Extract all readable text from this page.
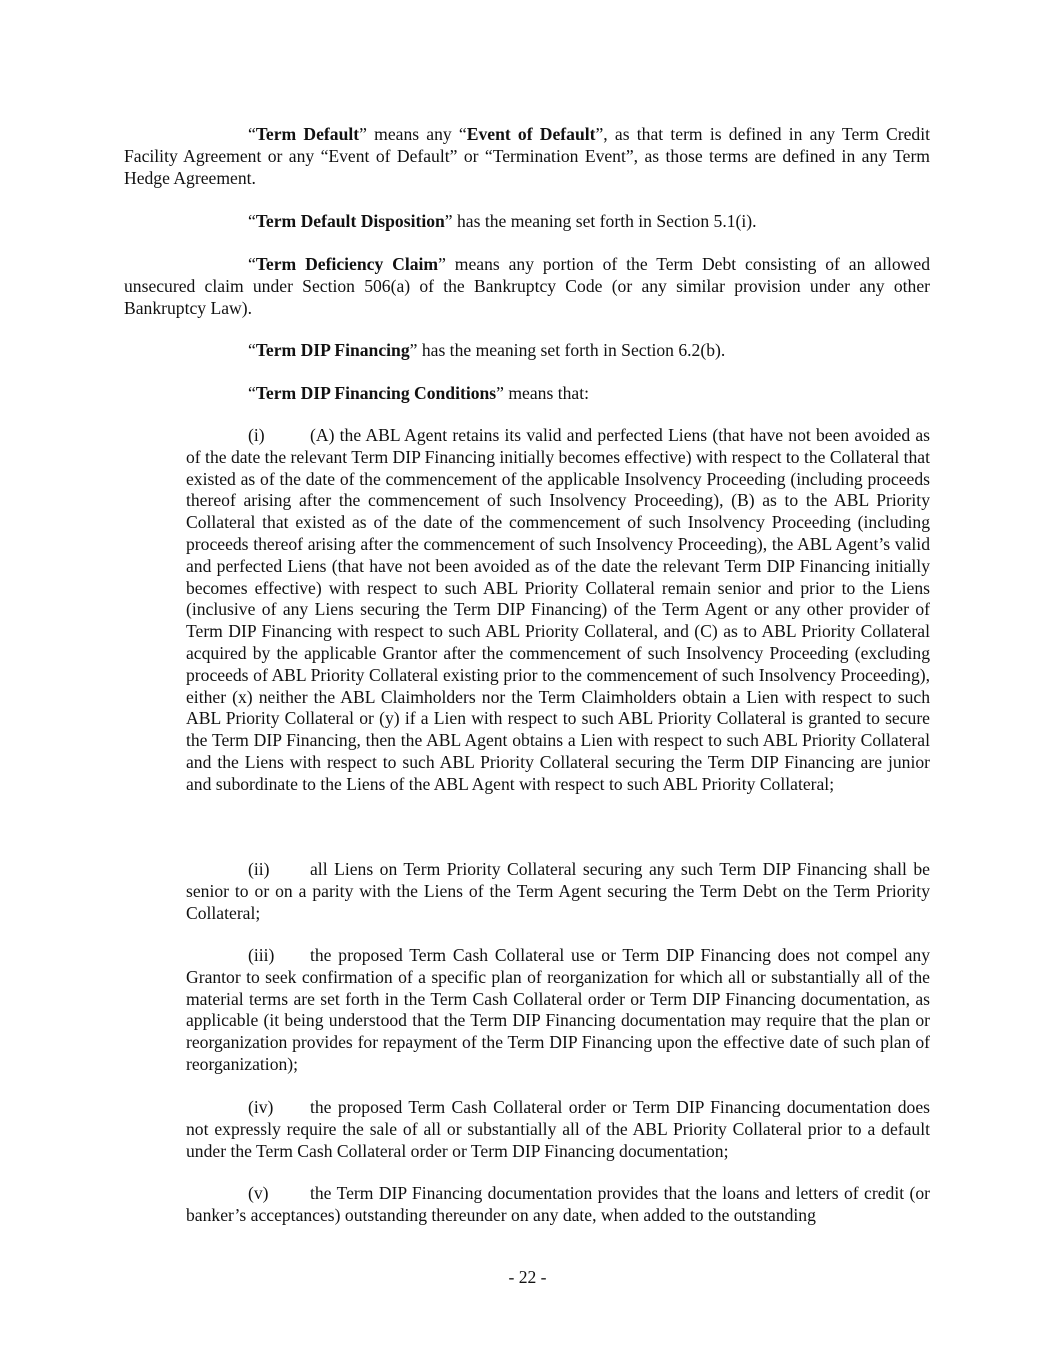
“Term Default” means any “Event of Default”, as that term is defined in any Term Credit Facility Agreement or any “Event of Default” or “Termination Event”, as those terms are defined in any Term Hedge Agreement.

“Term Default Disposition” has the meaning set forth in Section 5.1(i).

“Term Deficiency Claim” means any portion of the Term Debt consisting of an allowed unsecured claim under Section 506(a) of the Bankruptcy Code (or any similar provision under any other Bankruptcy Law).

“Term DIP Financing” has the meaning set forth in Section 6.2(b).

“Term DIP Financing Conditions” means that:

(i)	(A) the ABL Agent retains its valid and perfected Liens (that have not been avoided as of the date the relevant Term DIP Financing initially becomes effective) with respect to the Collateral that existed as of the date of the commencement of the applicable Insolvency Proceeding (including proceeds thereof arising after the commencement of such Insolvency Proceeding), (B) as to the ABL Priority Collateral that existed as of the date of the commencement of such Insolvency Proceeding (including proceeds thereof arising after the commencement of such Insolvency Proceeding), the ABL Agent’s valid and perfected Liens (that have not been avoided as of the date the relevant Term DIP Financing initially becomes effective) with respect to such ABL Priority Collateral remain senior and prior to the Liens (inclusive of any Liens securing the Term DIP Financing) of the Term Agent or any other provider of Term DIP Financing with respect to such ABL Priority Collateral, and (C) as to ABL Priority Collateral acquired by the applicable Grantor after the commencement of such Insolvency Proceeding (excluding proceeds of ABL Priority Collateral existing prior to the commencement of such Insolvency Proceeding), either (x) neither the ABL Claimholders nor the Term Claimholders obtain a Lien with respect to such ABL Priority Collateral or (y) if a Lien with respect to such ABL Priority Collateral is granted to secure the Term DIP Financing, then the ABL Agent obtains a Lien with respect to such ABL Priority Collateral and the Liens with respect to such ABL Priority Collateral securing the Term DIP Financing are junior and subordinate to the Liens of the ABL Agent with respect to such ABL Priority Collateral;

(ii) all Liens on Term Priority Collateral securing any such Term DIP Financing shall be senior to or on a parity with the Liens of the Term Agent securing the Term Debt on the Term Priority Collateral;

(iii) the proposed Term Cash Collateral use or Term DIP Financing does not compel any Grantor to seek confirmation of a specific plan of reorganization for which all or substantially all of the material terms are set forth in the Term Cash Collateral order or Term DIP Financing documentation, as applicable (it being understood that the Term DIP Financing documentation may require that the plan or reorganization provides for repayment of the Term DIP Financing upon the effective date of such plan of reorganization);

(iv) the proposed Term Cash Collateral order or Term DIP Financing documentation does not expressly require the sale of all or substantially all of the ABL Priority Collateral prior to a default under the Term Cash Collateral order or Term DIP Financing documentation;

(v) the Term DIP Financing documentation provides that the loans and letters of credit (or banker’s acceptances) outstanding thereunder on any date, when added to the outstanding

- 22 -
